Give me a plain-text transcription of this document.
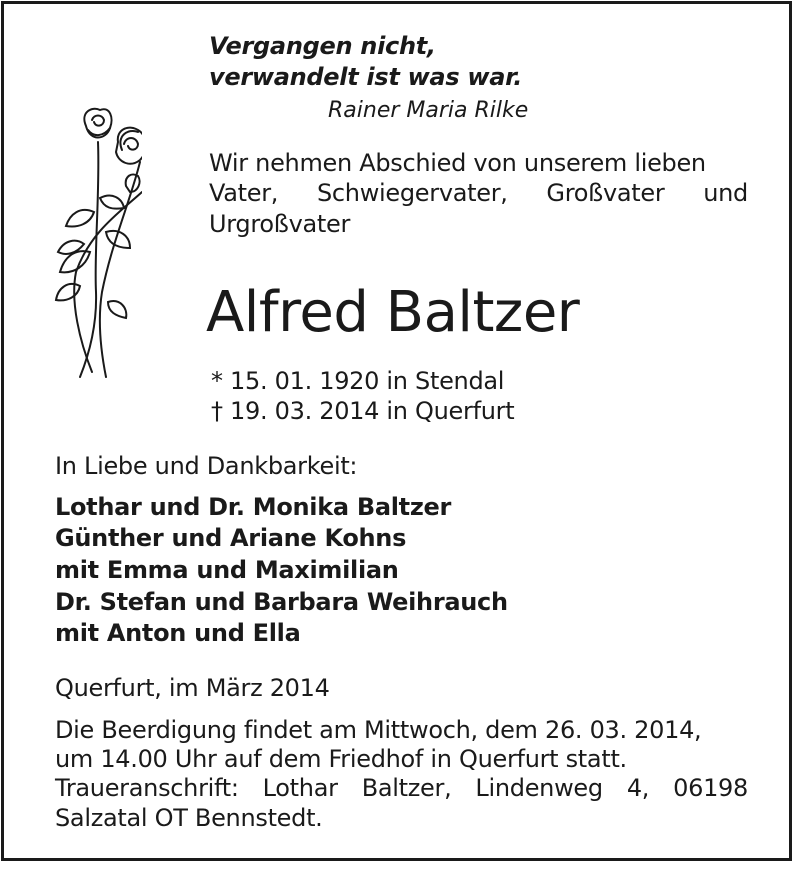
Vergangen nicht,

verwandelt ist was war.

Rainer Maria Rilke

Wir nehmen Abschied von unserem lieben

Vater, Schwiegervater, Großvater und

Urgroßvater

Alfred Baltzer

* 15. 01. 1920 in Stendal

† 19. 03. 2014 in Querfurt

In Liebe und Dankbarkeit:

Lothar und Dr. Monika Baltzer

Günther und Ariane Kohns

mit Emma und Maximilian

Dr. Stefan und Barbara Weihrauch

mit Anton und Ella

Querfurt, im März 2014

Die Beerdigung findet am Mittwoch, dem 26. 03. 2014,

um 14.00 Uhr auf dem Friedhof in Querfurt statt.

Traueranschrift: Lothar Baltzer, Lindenweg 4, 06198

Salzatal OT Bennstedt.
